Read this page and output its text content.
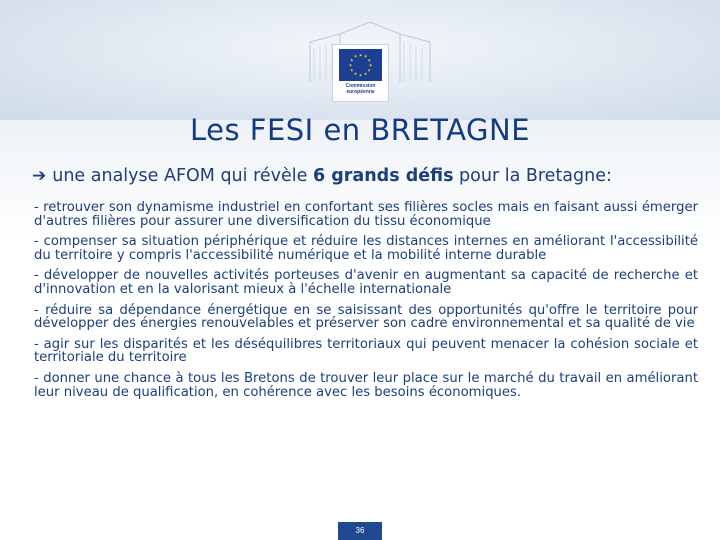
★ ★
★
★
★
★
★
★
★
★
★
★
Commission
européenne
Les FESI en BRETAGNE
➔ une analyse AFOM qui révèle 6 grands défis pour la Bretagne:
- retrouver son dynamisme industriel en confortant ses filières socles mais en faisant aussi émerger d'autres filières pour assurer une diversification du tissu économique
- compenser sa situation périphérique et réduire les distances internes en améliorant l'accessibilité du territoire y compris l'accessibilité numérique et la mobilité interne durable
- développer de nouvelles activités porteuses d'avenir en augmentant sa capacité de recherche et d'innovation et en la valorisant mieux à l'échelle internationale
- réduire sa dépendance énergétique en se saisissant des opportunités qu'offre le territoire pour développer des énergies renouvelables et préserver son cadre environnemental et sa qualité de vie
- agir sur les disparités et les déséquilibres territoriaux qui peuvent menacer la cohésion sociale et territoriale du territoire
- donner une chance à tous les Bretons de trouver leur place sur le marché du travail en améliorant leur niveau de qualification, en cohérence avec les besoins économiques.
36
